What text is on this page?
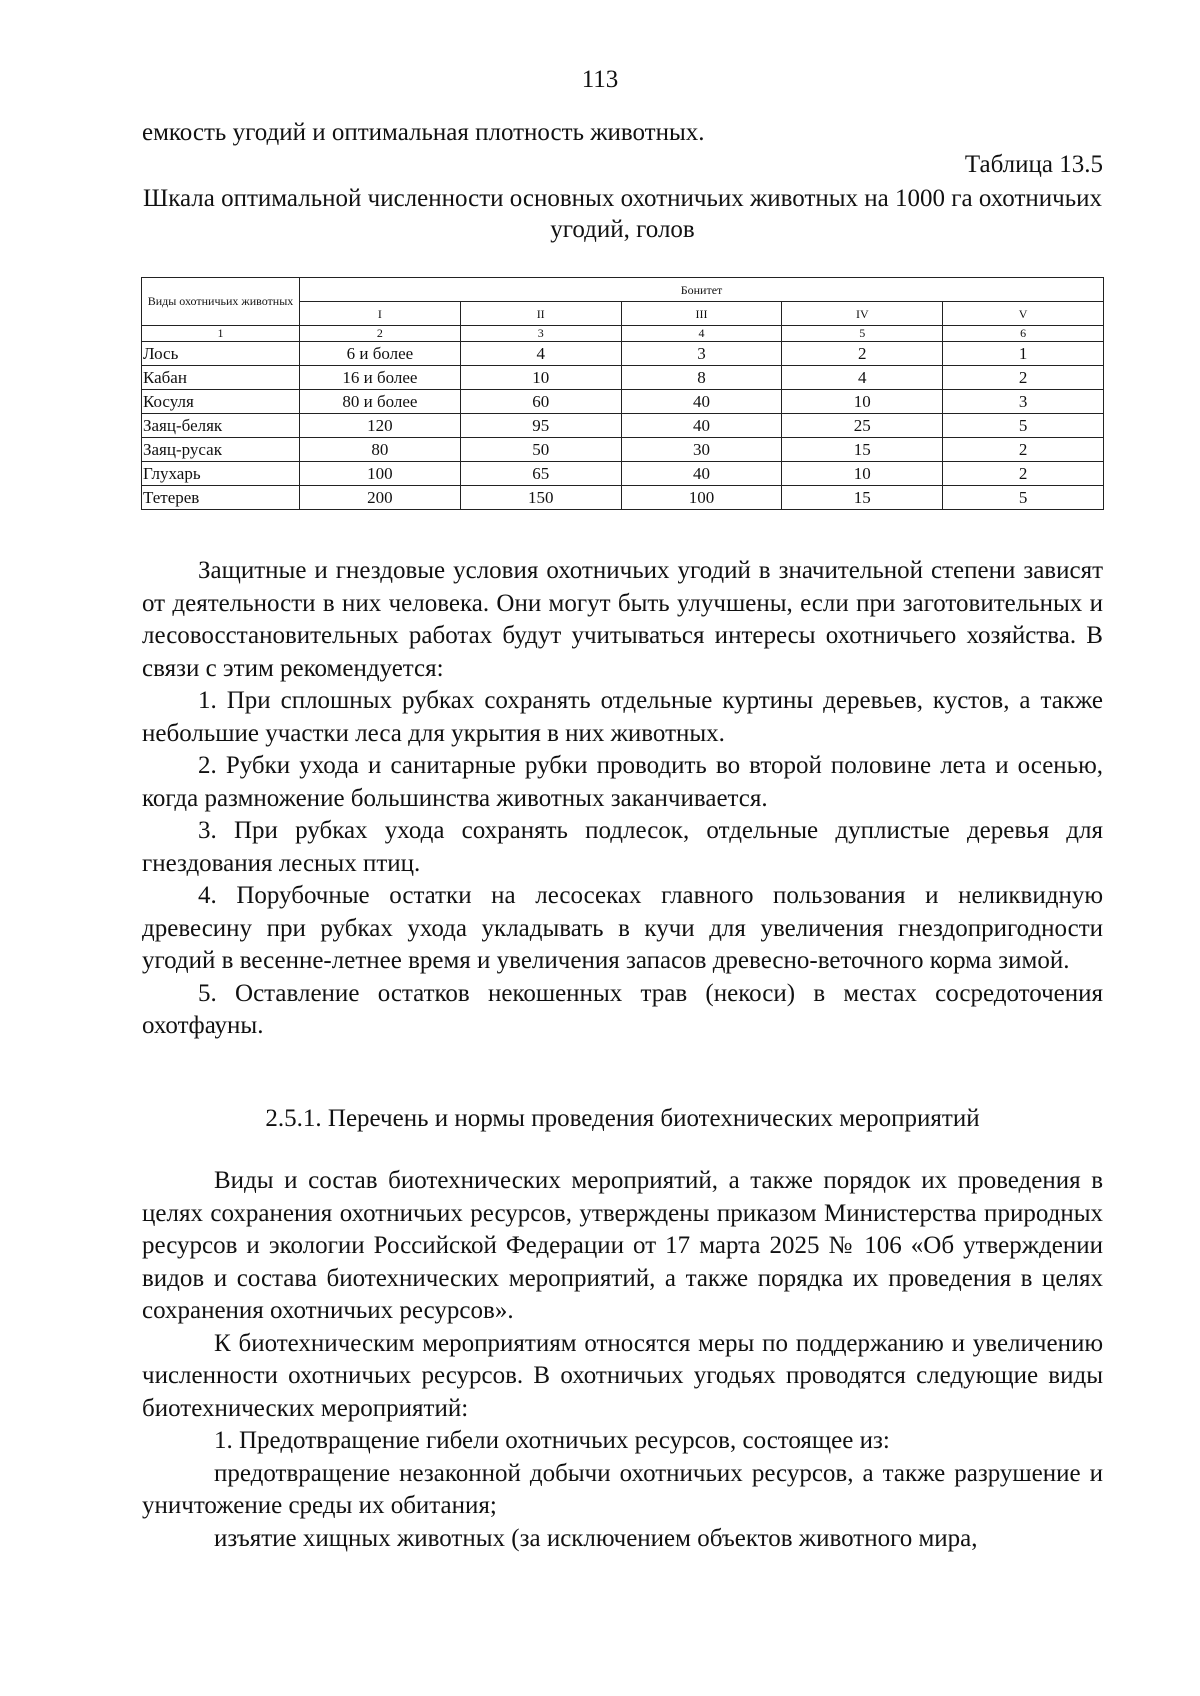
113
емкость угодий и оптимальная плотность животных.
Таблица 13.5
Шкала оптимальной численности основных охотничьих животных на 1000 га охотничьих угодий, голов
Виды охотничьих животных	Бонитет				
	I	II	III	IV	V
1	2	3	4	5	6
Лось	6 и более	4	3	2	1
Кабан	16 и более	10	8	4	2
Косуля	80 и более	60	40	10	3
Заяц-беляк	120	95	40	25	5
Заяц-русак	80	50	30	15	2
Глухарь	100	65	40	10	2
Тетерев	200	150	100	15	5

Защитные и гнездовые условия охотничьих угодий в значительной степени зависят от деятельности в них человека. Они могут быть улучшены, если при заготовительных и лесовосстановительных работах будут учитываться интересы охотничьего хозяйства. В связи с этим рекомендуется:

1. При сплошных рубках сохранять отдельные куртины деревьев, кустов, а также небольшие участки леса для укрытия в них животных.

2. Рубки ухода и санитарные рубки проводить во второй половине лета и осенью, когда размножение большинства животных заканчивается.

3. При рубках ухода сохранять подлесок, отдельные дуплистые деревья для гнездования лесных птиц.

4. Порубочные остатки на лесосеках главного пользования и неликвидную древесину при рубках ухода укладывать в кучи для увеличения гнездопригодности угодий в весенне-летнее время и увеличения запасов древесно-веточного корма зимой.

5. Оставление остатков некошенных трав (некоси) в местах сосредоточения охотфауны.

2.5.1. Перечень и нормы проведения биотехнических мероприятий

Виды и состав биотехнических мероприятий, а также порядок их проведения в целях сохранения охотничьих ресурсов, утверждены приказом Министерства природных ресурсов и экологии Российской Федерации от 17 марта 2025 № 106 «Об утверждении видов и состава биотехнических мероприятий, а также порядка их проведения в целях сохранения охотничьих ресурсов».

К биотехническим мероприятиям относятся меры по поддержанию и увеличению численности охотничьих ресурсов. В охотничьих угодьях проводятся следующие виды биотехнических мероприятий:

1. Предотвращение гибели охотничьих ресурсов, состоящее из:

предотвращение незаконной добычи охотничьих ресурсов, а также разрушение и уничтожение среды их обитания;

изъятие хищных животных (за исключением объектов животного мира,
